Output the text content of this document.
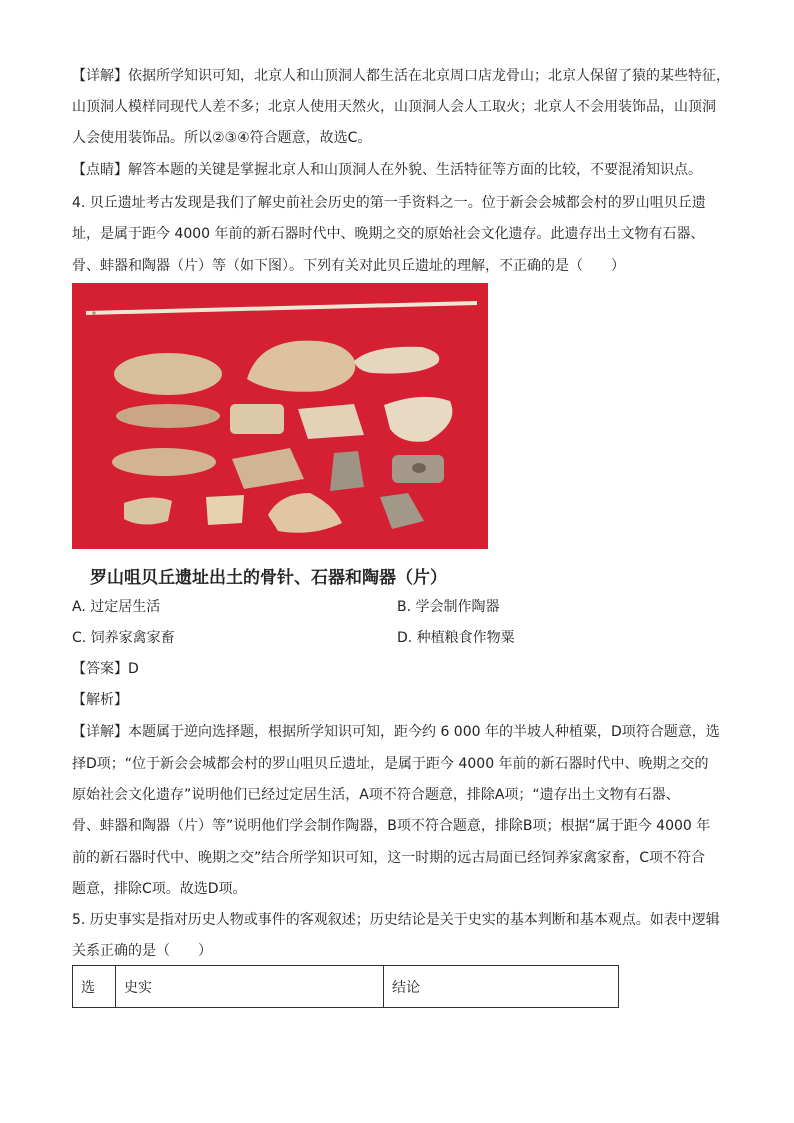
【详解】依据所学知识可知，北京人和山顶洞人都生活在北京周口店龙骨山；北京人保留了猿的某些特征，
山顶洞人模样同现代人差不多；北京人使用天然火，山顶洞人会人工取火；北京人不会用装饰品，山顶洞
人会使用装饰品。所以②③④符合题意，故选C。
【点睛】解答本题的关键是掌握北京人和山顶洞人在外貌、生活特征等方面的比较，不要混淆知识点。
4. 贝丘遗址考古发现是我们了解史前社会历史的第一手资料之一。位于新会会城都会村的罗山咀贝丘遗
址，是属于距今 4000 年前的新石器时代中、晚期之交的原始社会文化遗存。此遗存出土文物有石器、
骨、蚌器和陶器（片）等（如下图）。下列有关对此贝丘遗址的理解，不正确的是（　　）
罗山咀贝丘遗址出土的骨针、石器和陶器（片）
A. 过定居生活	B. 学会制作陶器
C. 饲养家禽家畜	D. 种植粮食作物粟
【答案】D
【解析】
【详解】本题属于逆向选择题，根据所学知识可知，距今约 6 000 年的半坡人种植粟，D项符合题意，选
择D项；“位于新会会城都会村的罗山咀贝丘遗址，是属于距今 4000 年前的新石器时代中、晚期之交的
原始社会文化遗存”说明他们已经过定居生活，A项不符合题意，排除A项；“遗存出土文物有石器、
骨、蚌器和陶器（片）等”说明他们学会制作陶器，B项不符合题意，排除B项；根据“属于距今 4000 年
前的新石器时代中、晚期之交”结合所学知识可知，这一时期的远古局面已经饲养家禽家畜，C项不符合
题意，排除C项。故选D项。
5. 历史事实是指对历史人物或事件的客观叙述；历史结论是关于史实的基本判断和基本观点。如表中逻辑
关系正确的是（　　）
选	史实	结论
